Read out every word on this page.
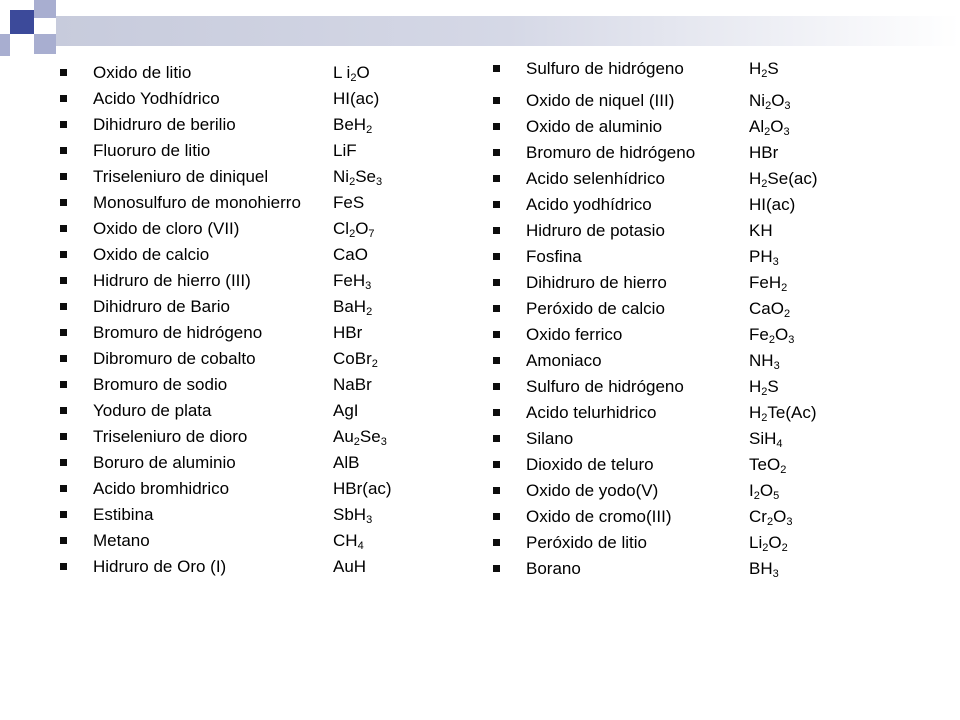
Oxido de litio	L $i_2O$
Acido Yodhídrico	HI(ac)
Dihidruro de berilio	BeH$_2$
Fluoruro de litio	LiF
Triseleniuro de diniquel	$Ni_2Se_3$
Monosulfuro de monohierro FeS
Oxido de cloro (VII)	$Cl_2O_7$
Oxido de calcio	CaO
Hidruro de hierro (III)	FeH$_3$
Dihidruro de Bario	BaH$_2$
Bromuro de hidrógeno	HBr
Dibromuro de cobalto	CoBr$_2$
Bromuro de sodio	NaBr
Yoduro de plata	AgI
Triseleniuro de dioro	$Au_2Se_3$
Boruro de aluminio	AlB
Acido bromhidrico	HBr(ac)
Estibina	SbH$_3$
Metano	$CH_4$
Hidruro de Oro (I)	AuH
Sulfuro de hidrógeno	$H_2S$
Oxido de niquel (III)	$Ni_2O_3$
Oxido de aluminio	$Al_2O_3$
Bromuro de hidrógeno	HBr
Acido selenhídrico	$H_2Se(ac)$
Acido yodhídrico	HI(ac)
Hidruro de potasio	KH
Fosfina	$PH_3$
Dihidruro de hierro	FeH$_2$
Peróxido de calcio	CaO$_2$
Oxido ferrico	$Fe_2O_3$
Amoniaco	$NH_3$
Sulfuro de hidrógeno	$H_2S$
Acido telurhidrico	$H_2Te(Ac)$
Silano	SiH$_4$
Dioxido de teluro	TeO$_2$
Oxido de yodo(V)	$I_2O_5$
Oxido de cromo(III)	$Cr_2O_3$
Peróxido de litio	$Li_2O_2$
Borano	$BH_3$
